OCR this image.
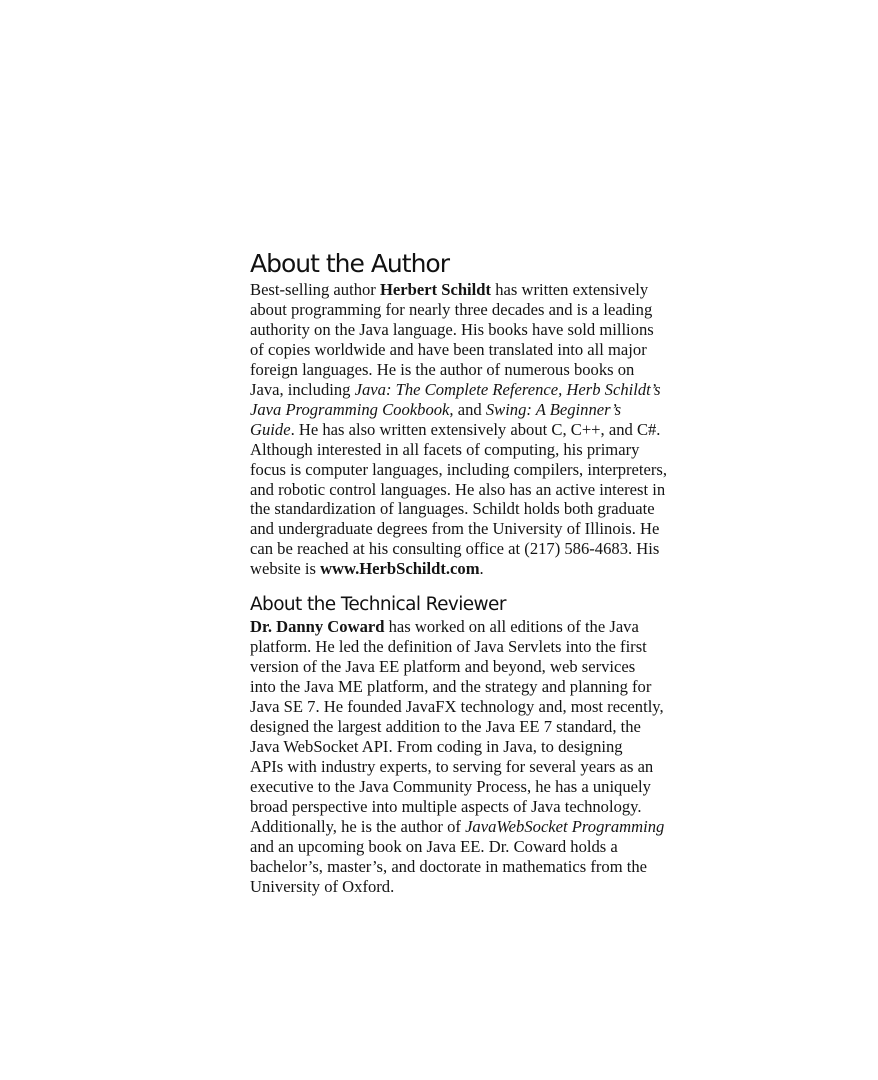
About the Author

Best-selling author Herbert Schildt has written extensively
about programming for nearly three decades and is a leading
authority on the Java language. His books have sold millions
of copies worldwide and have been translated into all major
foreign languages. He is the author of numerous books on
Java, including Java: The Complete Reference, Herb Schildt’s
Java Programming Cookbook, and Swing: A Beginner’s
Guide. He has also written extensively about C, C++, and C#.
Although interested in all facets of computing, his primary
focus is computer languages, including compilers, interpreters,
and robotic control languages. He also has an active interest in
the standardization of languages. Schildt holds both graduate
and undergraduate degrees from the University of Illinois. He
can be reached at his consulting office at (217) 586-4683. His
website is www.HerbSchildt.com.

About the Technical Reviewer

Dr. Danny Coward has worked on all editions of the Java
platform. He led the definition of Java Servlets into the first
version of the Java EE platform and beyond, web services
into the Java ME platform, and the strategy and planning for
Java SE 7. He founded JavaFX technology and, most recently,
designed the largest addition to the Java EE 7 standard, the
Java WebSocket API. From coding in Java, to designing
APIs with industry experts, to serving for several years as an
executive to the Java Community Process, he has a uniquely
broad perspective into multiple aspects of Java technology.
Additionally, he is the author of JavaWebSocket Programming
and an upcoming book on Java EE. Dr. Coward holds a
bachelor’s, master’s, and doctorate in mathematics from the
University of Oxford.
